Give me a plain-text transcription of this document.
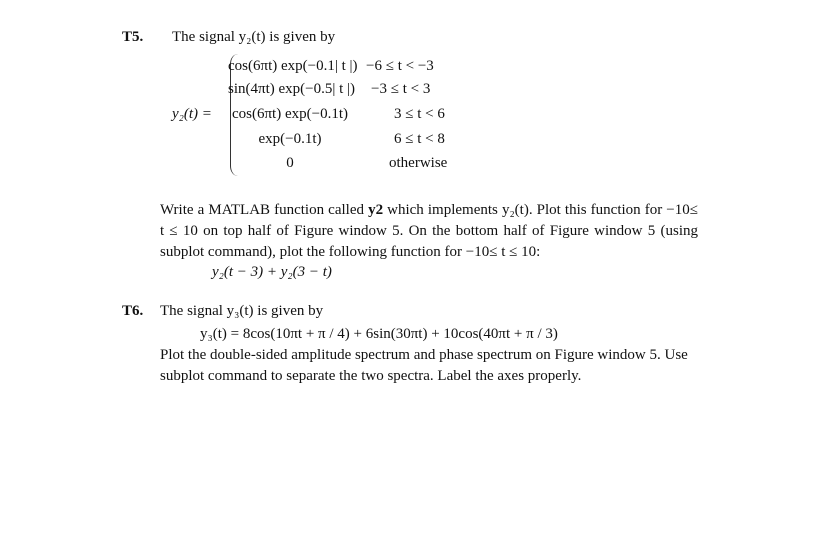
T5. The signal y₂(t) is given by
y₂(t) =
cos(6πt) exp(−0.1| t |) −6 ≤ t < −3
sin(4πt) exp(−0.5| t |) −3 ≤ t < 3
cos(6πt) exp(−0.1t)	3 ≤ t < 6
exp(−0.1t)	6 ≤ t < 8
0	otherwise
Write a MATLAB function called y2 which implements y₂(t). Plot this function for −10≤ t ≤ 10 on top half of Figure window 5. On the bottom half of Figure window 5 (using subplot command), plot the following function for −10≤ t ≤ 10:
y₂(t − 3) + y₂(3 − t)
T6. The signal y₃(t) is given by
y₃(t) = 8cos(10πt + π / 4) + 6sin(30πt) + 10cos(40πt + π / 3)
Plot the double-sided amplitude spectrum and phase spectrum on Figure window 5. Use subplot command to separate the two spectra. Label the axes properly.
